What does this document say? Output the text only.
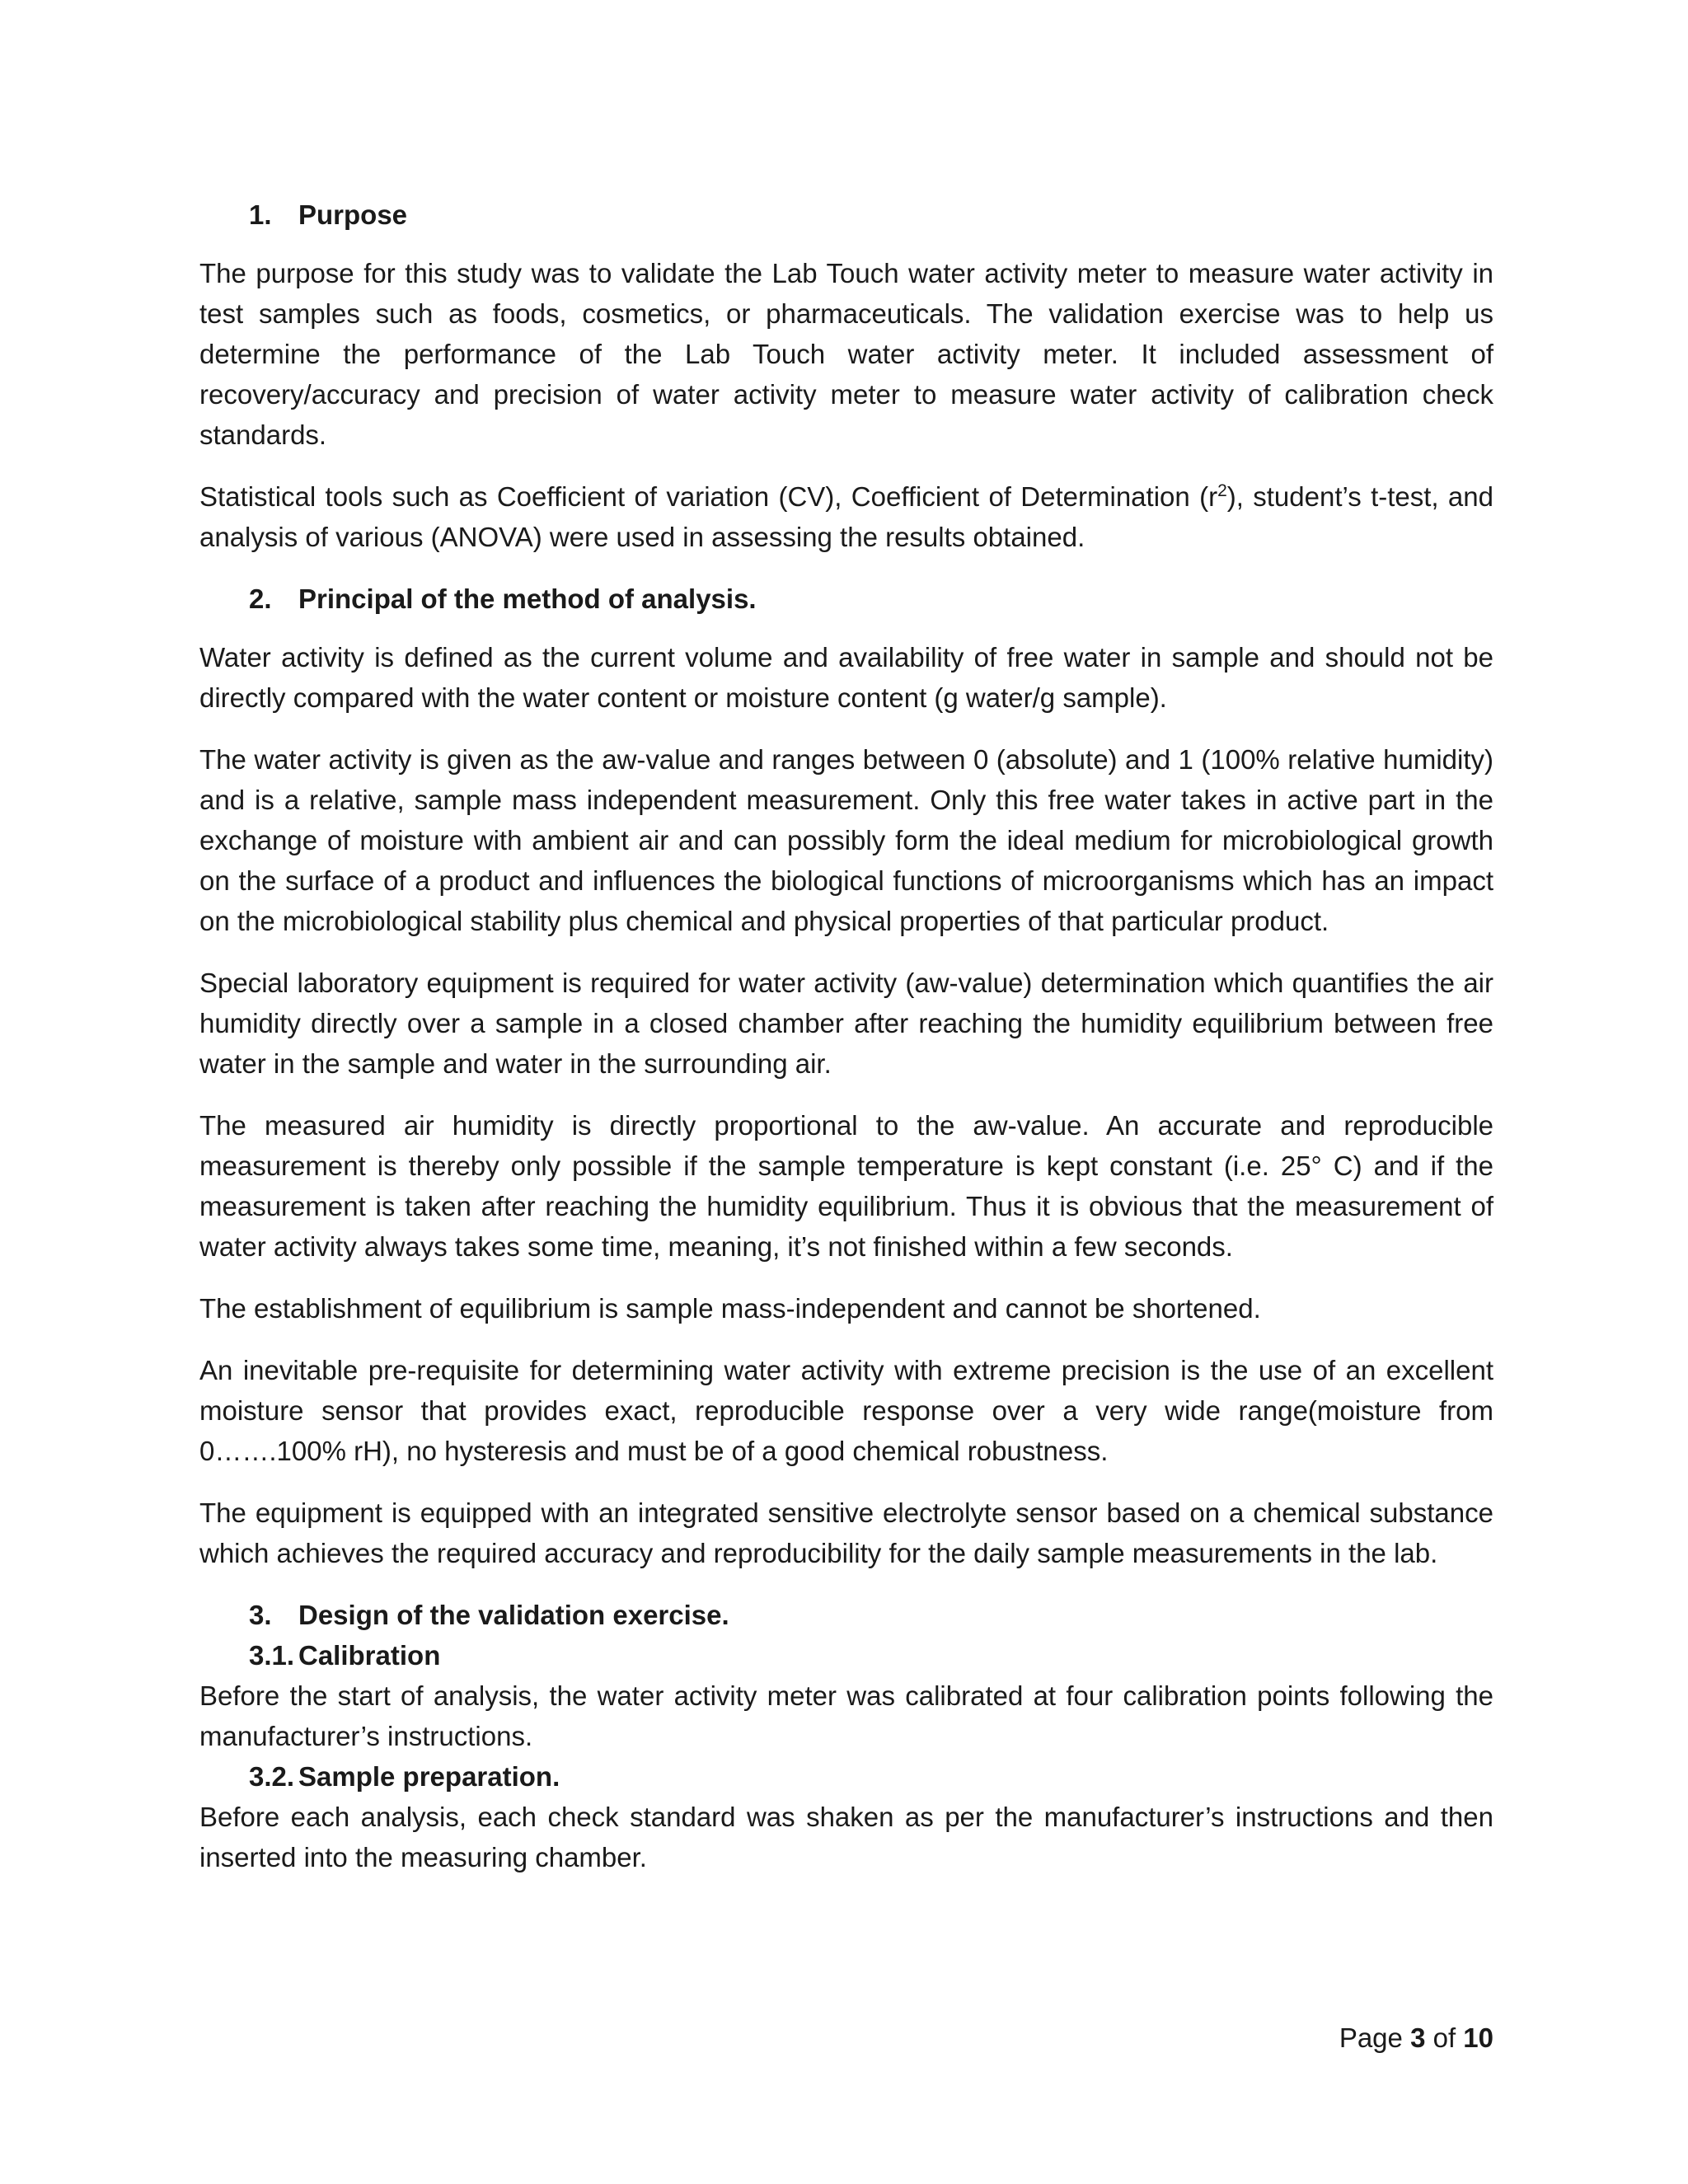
1. Purpose

The purpose for this study was to validate the Lab Touch water activity meter to measure water activity in test samples such as foods, cosmetics, or pharmaceuticals. The validation exercise was to help us determine the performance of the Lab Touch water activity meter. It included assessment of recovery/accuracy and precision of water activity meter to measure water activity of calibration check standards.

Statistical tools such as Coefficient of variation (CV), Coefficient of Determination $(r^2)$, student’s t-test, and analysis of various (ANOVA) were used in assessing the results obtained.

2. Principal of the method of analysis.

Water activity is defined as the current volume and availability of free water in sample and should not be directly compared with the water content or moisture content (g water/g sample).

The water activity is given as the aw-value and ranges between 0 (absolute) and 1 (100% relative humidity) and is a relative, sample mass independent measurement. Only this free water takes in active part in the exchange of moisture with ambient air and can possibly form the ideal medium for microbiological growth on the surface of a product and influences the biological functions of microorganisms which has an impact on the microbiological stability plus chemical and physical properties of that particular product.

Special laboratory equipment is required for water activity (aw-value) determination which quantifies the air humidity directly over a sample in a closed chamber after reaching the humidity equilibrium between free water in the sample and water in the surrounding air.

The measured air humidity is directly proportional to the aw-value. An accurate and reproducible measurement is thereby only possible if the sample temperature is kept constant (i.e. 25° C) and if the measurement is taken after reaching the humidity equilibrium. Thus it is obvious that the measurement of water activity always takes some time, meaning, it’s not finished within a few seconds.

The establishment of equilibrium is sample mass-independent and cannot be shortened.

An inevitable pre-requisite for determining water activity with extreme precision is the use of an excellent moisture sensor that provides exact, reproducible response over a very wide range(moisture from 0…….100% rH), no hysteresis and must be of a good chemical robustness.

The equipment is equipped with an integrated sensitive electrolyte sensor based on a chemical substance which achieves the required accuracy and reproducibility for the daily sample measurements in the lab.

3. Design of the validation exercise.
3.1. Calibration

Before the start of analysis, the water activity meter was calibrated at four calibration points following the manufacturer’s instructions.

3.2. Sample preparation.

Before each analysis, each check standard was shaken as per the manufacturer’s instructions and then inserted into the measuring chamber.

Page 3 of 10
